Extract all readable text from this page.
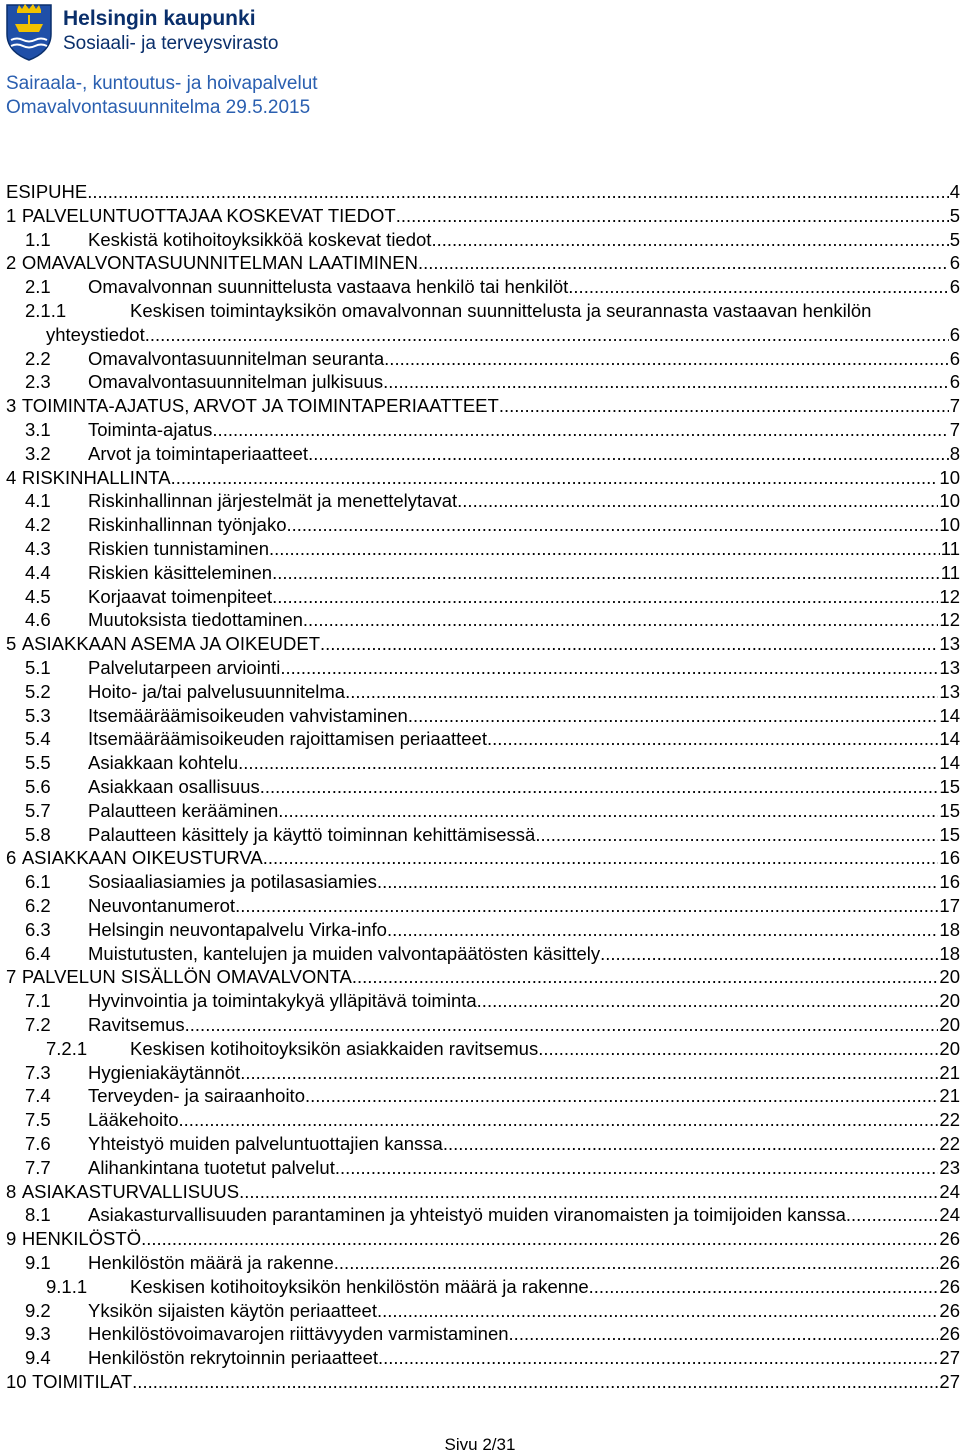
Helsingin kaupunki
Sosiaali- ja terveysvirasto
Sairaala-, kuntoutus- ja hoivapalvelut
Omavalvontasuunnitelma 29.5.2015
ESIPUHE .....	4
1 PALVELUNTUOTTAJAA KOSKEVAT TIEDOT .....	5
1.1	Keskistä kotihoitoyksikköä koskevat tiedot .....	5
2 OMAVALVONTASUUNNITELMAN LAATIMINEN .....	6
2.1	Omavalvonnan suunnittelusta vastaava henkilö tai henkilöt .....	6
2.1.1	Keskisen toimintayksikön omavalvonnan suunnittelusta ja seurannasta vastaavan henkilön
yhteystiedot .....	6
2.2	Omavalvontasuunnitelman seuranta .....	6
2.3	Omavalvontasuunnitelman julkisuus .....	6
3 TOIMINTA-AJATUS, ARVOT JA TOIMINTAPERIAATTEET .....	7
3.1	Toiminta-ajatus .....	7
3.2	Arvot ja toimintaperiaatteet .....	8
4 RISKINHALLINTA .....	10
4.1	Riskinhallinnan järjestelmät ja menettelytavat .....	10
4.2	Riskinhallinnan työnjako .....	10
4.3	Riskien tunnistaminen .....	11
4.4	Riskien käsitteleminen .....	11
4.5	Korjaavat toimenpiteet .....	12
4.6	Muutoksista tiedottaminen .....	12
5 ASIAKKAAN ASEMA JA OIKEUDET .....	13
5.1	Palvelutarpeen arviointi .....	13
5.2	Hoito- ja/tai palvelusuunnitelma .....	13
5.3	Itsemääräämisoikeuden vahvistaminen .....	14
5.4	Itsemääräämisoikeuden rajoittamisen periaatteet .....	14
5.5	Asiakkaan kohtelu .....	14
5.6	Asiakkaan osallisuus .....	15
5.7	Palautteen kerääminen .....	15
5.8	Palautteen käsittely ja käyttö toiminnan kehittämisessä .....	15
6 ASIAKKAAN OIKEUSTURVA .....	16
6.1	Sosiaaliasiamies ja potilasasiamies .....	16
6.2	Neuvontanumerot .....	17
6.3	Helsingin neuvontapalvelu Virka-info .....	18
6.4	Muistutusten, kantelujen ja muiden valvontapäätösten käsittely .....	18
7 PALVELUN SISÄLLÖN OMAVALVONTA .....	20
7.1	Hyvinvointia ja toimintakykyä ylläpitävä toiminta .....	20
7.2	Ravitsemus .....	20
7.2.1	Keskisen kotihoitoyksikön asiakkaiden ravitsemus .....	20
7.3	Hygieniakäytännöt .....	21
7.4	Terveyden- ja sairaanhoito .....	21
7.5	Lääkehoito .....	22
7.6	Yhteistyö muiden palveluntuottajien kanssa .....	22
7.7	Alihankintana tuotetut palvelut .....	23
8 ASIAKASTURVALLISUUS .....	24
8.1	Asiakasturvallisuuden parantaminen ja yhteistyö muiden viranomaisten ja toimijoiden kanssa .....	24
9 HENKILÖSTÖ .....	26
9.1	Henkilöstön määrä ja rakenne .....	26
9.1.1	Keskisen kotihoitoyksikön henkilöstön määrä ja rakenne .....	26
9.2	Yksikön sijaisten käytön periaatteet .....	26
9.3	Henkilöstövoimavarojen riittävyyden varmistaminen .....	26
9.4	Henkilöstön rekrytoinnin periaatteet .....	27
10 TOIMITILAT .....	27
Sivu 2/31
